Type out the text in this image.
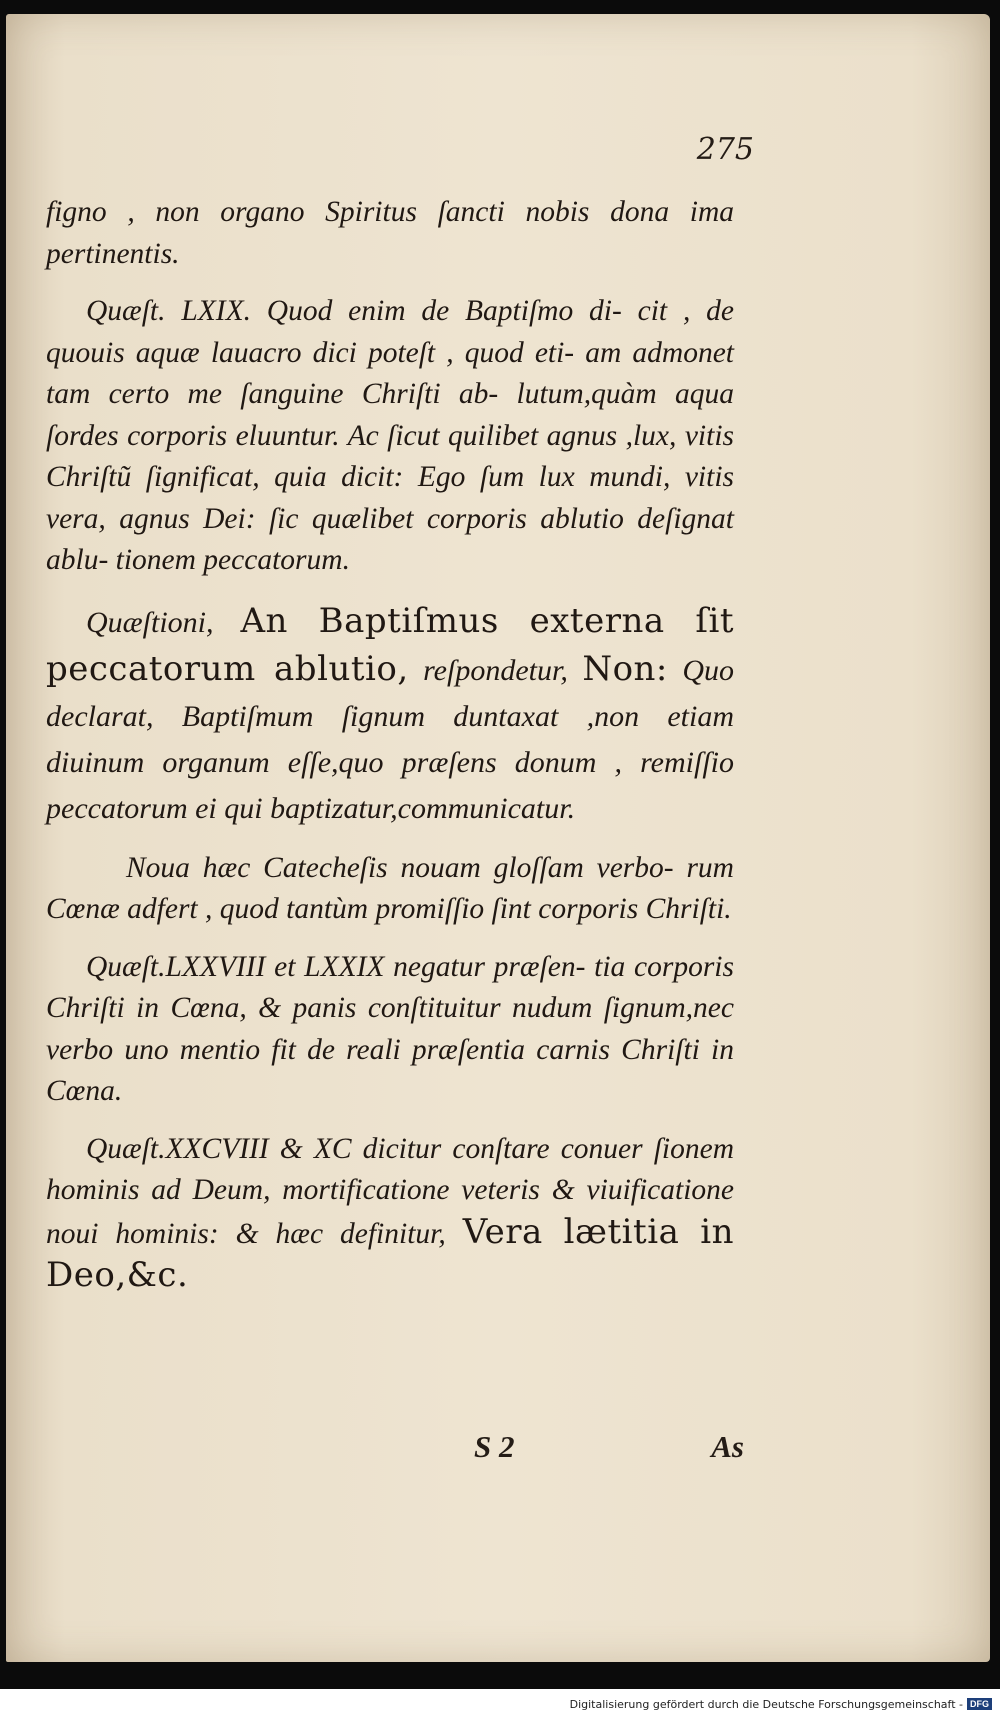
275

figno , non organo Spiritus ſancti nobis dona ima pertinentis.

Quæſt. LXIX. Quod enim de Baptiſmo di- cit , de quouis aquæ lauacro dici poteſt , quod eti- am admonet tam certo me ſanguine Chriſti ab- lutum,quàm aqua ſordes corporis eluuntur. Ac ſicut quilibet agnus ,lux, vitis Chriſtũ ſignificat, quia dicit: Ego ſum lux mundi, vitis vera, agnus Dei: ſic quælibet corporis ablutio deſignat ablu- tionem peccatorum.

Quæſtioni, An Baptiſmus externa ſit peccatorum ablutio, reſpondetur, Non: Quo declarat, Baptiſmum ſignum duntaxat ,non etiam diuinum organum eſſe,quo præſens donum , remiſſio peccatorum ei qui baptizatur,communicatur.

Noua hæc Catecheſis nouam gloſſam verbo- rum Cœnæ adfert , quod tantùm promiſſio ſint corporis Chriſti.

Quæſt.LXXVIII et LXXIX negatur præſen- tia corporis Chriſti in Cœna, & panis conſtituitur nudum ſignum,nec verbo uno mentio fit de reali præſentia carnis Chriſti in Cœna.

Quæſt.XXCVIII & XC dicitur conſtare conuer ſionem hominis ad Deum, mortificatione veteris & viuificatione noui hominis: & hæc definitur, Vera lætitia in Deo,&c.

S 2	As
Digitalisierung gefördert durch die Deutsche Forschungsgemeinschaft - DFG
